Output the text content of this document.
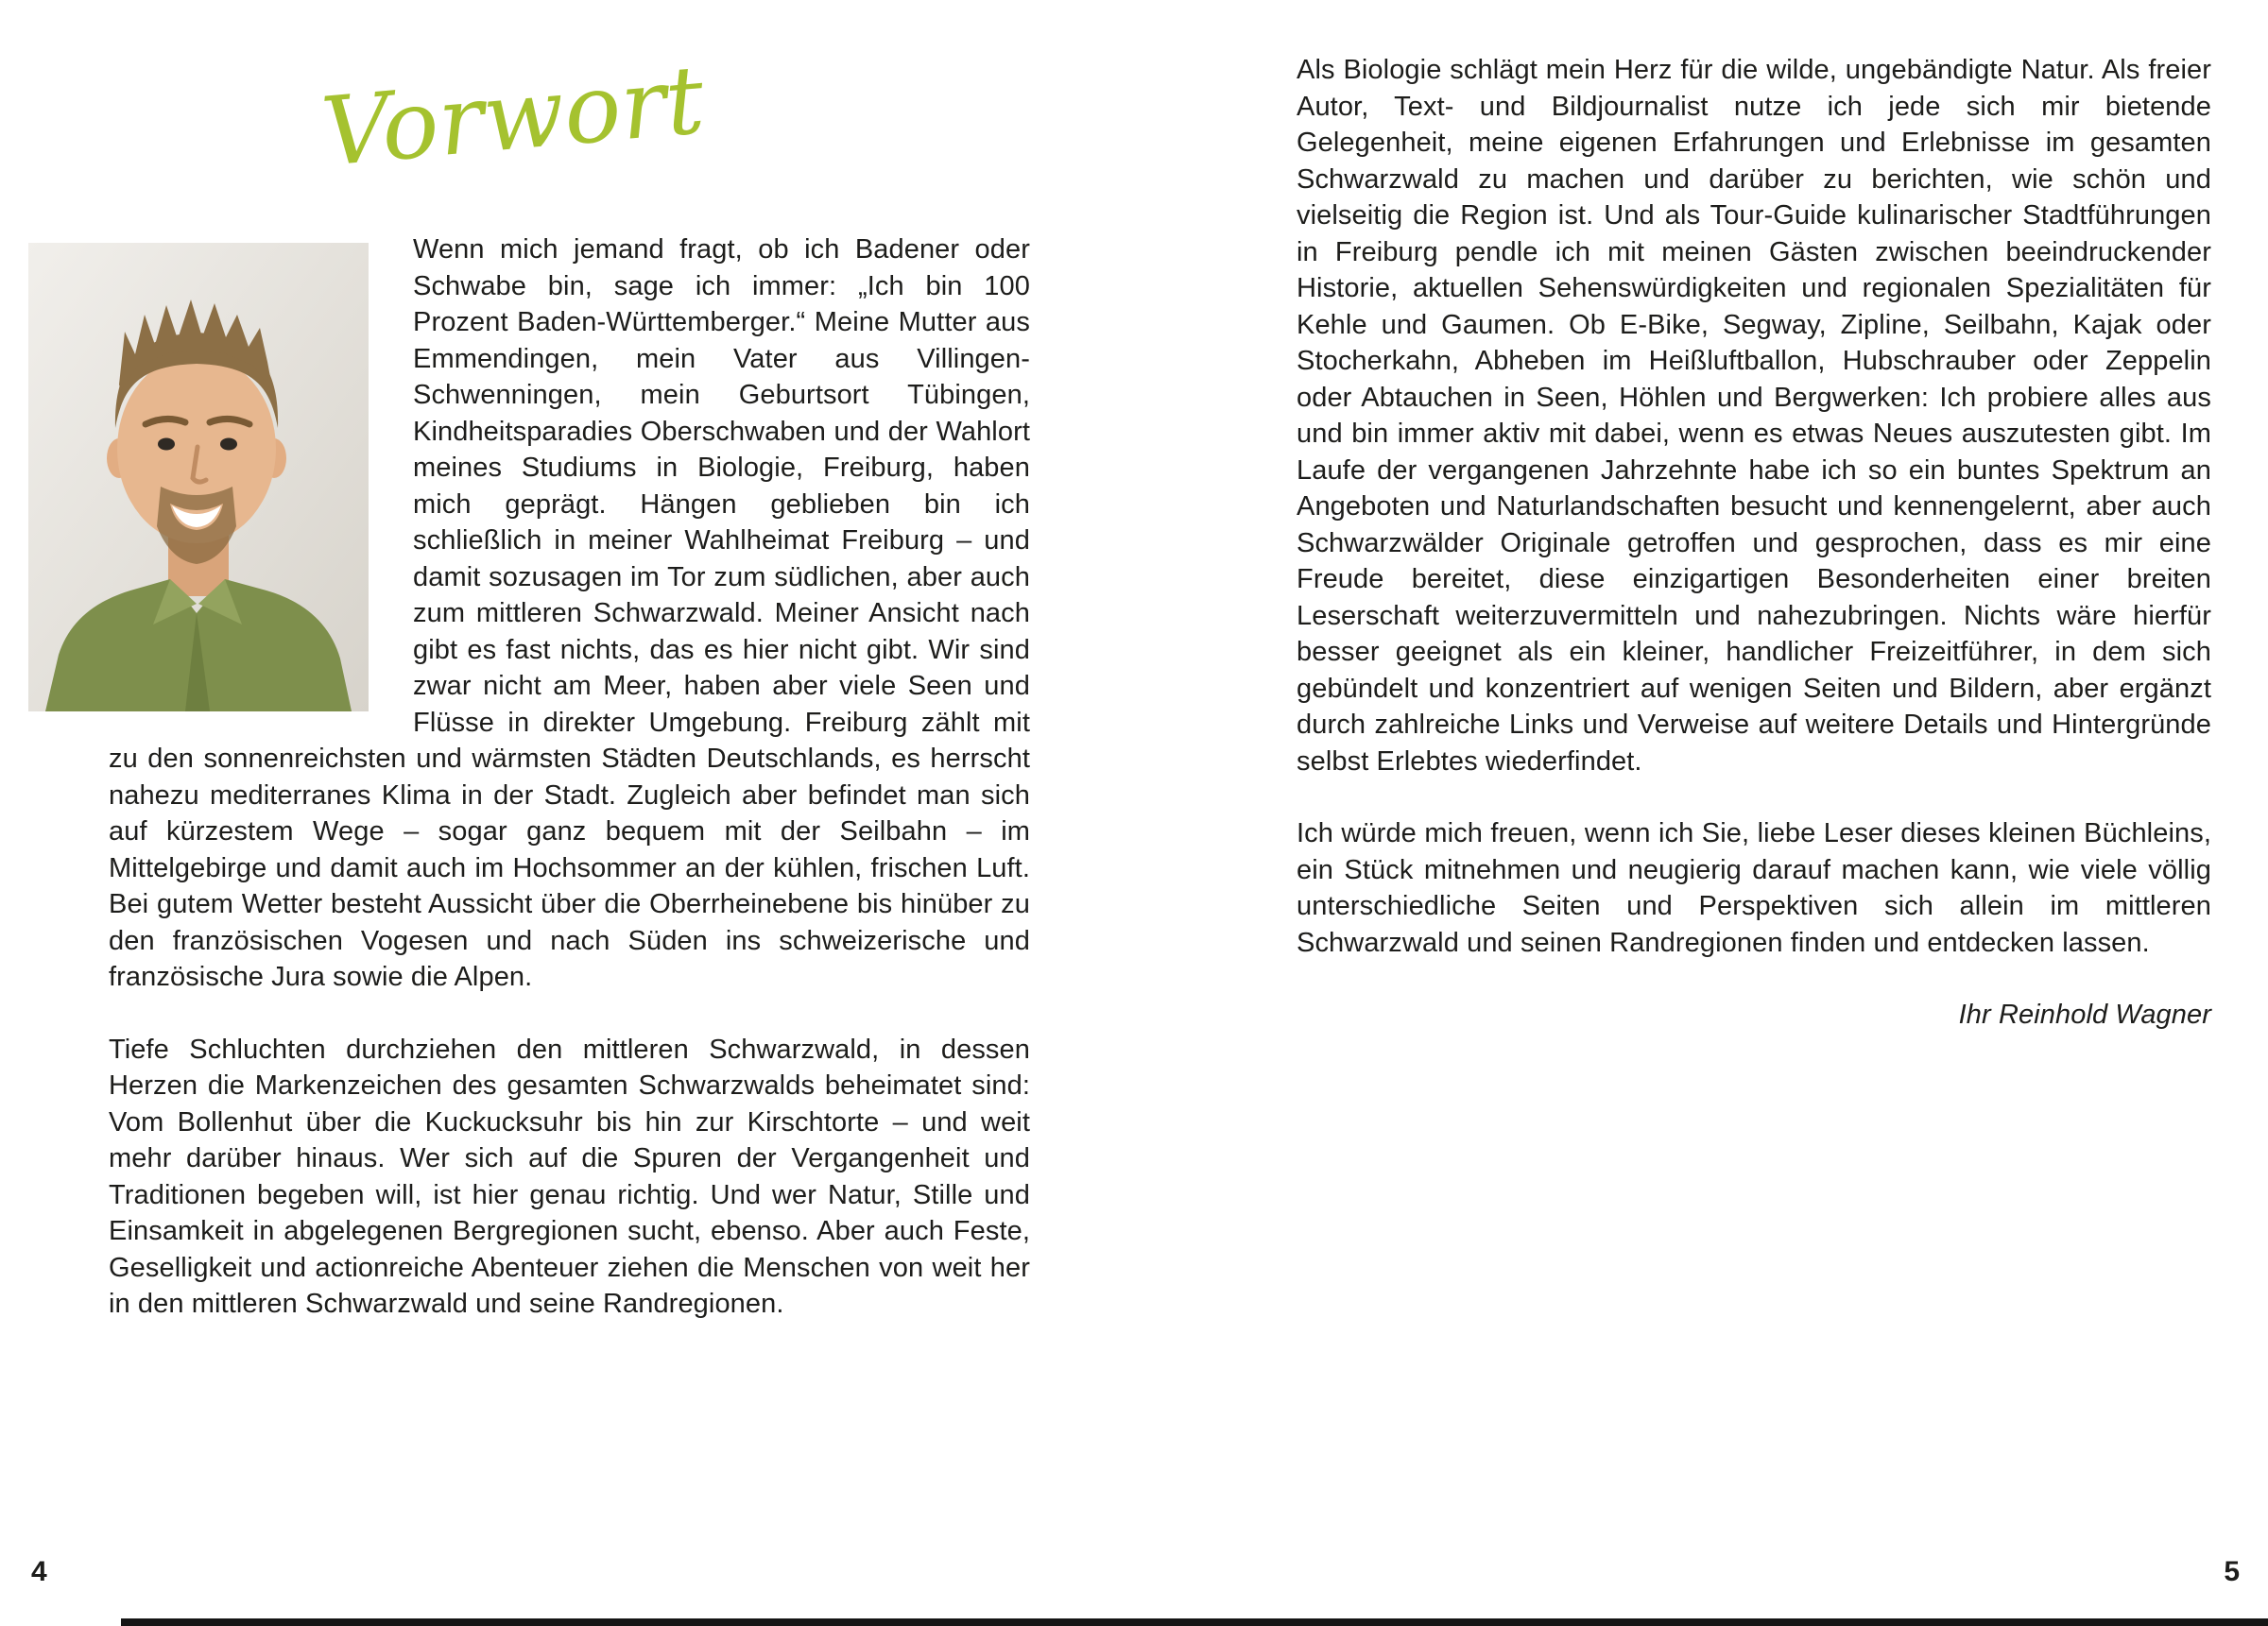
Vorwort

Wenn mich jemand fragt, ob ich Badener oder Schwabe bin, sage ich immer: „Ich bin 100 Prozent Baden-Württemberger.“ Meine Mutter aus Emmendingen, mein Vater aus Villingen-Schwenningen, mein Geburtsort Tübingen, Kindheitsparadies Oberschwaben und der Wahlort meines Studiums in Biologie, Freiburg, haben mich geprägt. Hängen geblieben bin ich schließlich in meiner Wahlheimat Freiburg – und damit sozusagen im Tor zum südlichen, aber auch zum mittleren Schwarzwald. Meiner Ansicht nach gibt es fast nichts, das es hier nicht gibt. Wir sind zwar nicht am Meer, haben aber viele Seen und Flüsse in direkter Umgebung. Freiburg zählt mit zu den sonnenreichsten und wärmsten Städten Deutschlands, es herrscht nahezu mediterranes Klima in der Stadt. Zugleich aber befindet man sich auf kürzestem Wege – sogar ganz bequem mit der Seilbahn – im Mittelgebirge und damit auch im Hochsommer an der kühlen, frischen Luft. Bei gutem Wetter besteht Aussicht über die Oberrheinebene bis hinüber zu den französischen Vogesen und nach Süden ins schweizerische und französische Jura sowie die Alpen.

Tiefe Schluchten durchziehen den mittleren Schwarzwald, in dessen Herzen die Markenzeichen des gesamten Schwarzwalds beheimatet sind: Vom Bollenhut über die Kuckucksuhr bis hin zur Kirschtorte – und weit mehr darüber hinaus. Wer sich auf die Spuren der Vergangenheit und Traditionen begeben will, ist hier genau richtig. Und wer Natur, Stille und Einsamkeit in abgelegenen Bergregionen sucht, ebenso. Aber auch Feste, Geselligkeit und actionreiche Abenteuer ziehen die Menschen von weit her in den mittleren Schwarzwald und seine Randregionen.

Als Biologie schlägt mein Herz für die wilde, ungebändigte Natur. Als freier Autor, Text- und Bildjournalist nutze ich jede sich mir bietende Gelegenheit, meine eigenen Erfahrungen und Erlebnisse im gesamten Schwarzwald zu machen und darüber zu berichten, wie schön und vielseitig die Region ist. Und als Tour-Guide kulinarischer Stadtführungen in Freiburg pendle ich mit meinen Gästen zwischen beeindruckender Historie, aktuellen Sehenswürdigkeiten und regionalen Spezialitäten für Kehle und Gaumen. Ob E-Bike, Segway, Zipline, Seilbahn, Kajak oder Stocherkahn, Abheben im Heißluftballon, Hubschrauber oder Zeppelin oder Abtauchen in Seen, Höhlen und Bergwerken: Ich probiere alles aus und bin immer aktiv mit dabei, wenn es etwas Neues auszutesten gibt. Im Laufe der vergangenen Jahrzehnte habe ich so ein buntes Spektrum an Angeboten und Naturlandschaften besucht und kennengelernt, aber auch Schwarzwälder Originale getroffen und gesprochen, dass es mir eine Freude bereitet, diese einzigartigen Besonderheiten einer breiten Leserschaft weiterzuvermitteln und nahezubringen. Nichts wäre hierfür besser geeignet als ein kleiner, handlicher Freizeitführer, in dem sich gebündelt und konzentriert auf wenigen Seiten und Bildern, aber ergänzt durch zahlreiche Links und Verweise auf weitere Details und Hintergründe selbst Erlebtes wiederfindet.

Ich würde mich freuen, wenn ich Sie, liebe Leser dieses kleinen Büchleins, ein Stück mitnehmen und neugierig darauf machen kann, wie viele völlig unterschiedliche Seiten und Perspektiven sich allein im mittleren Schwarzwald und seinen Randregionen finden und entdecken lassen.

Ihr Reinhold Wagner

4	5
